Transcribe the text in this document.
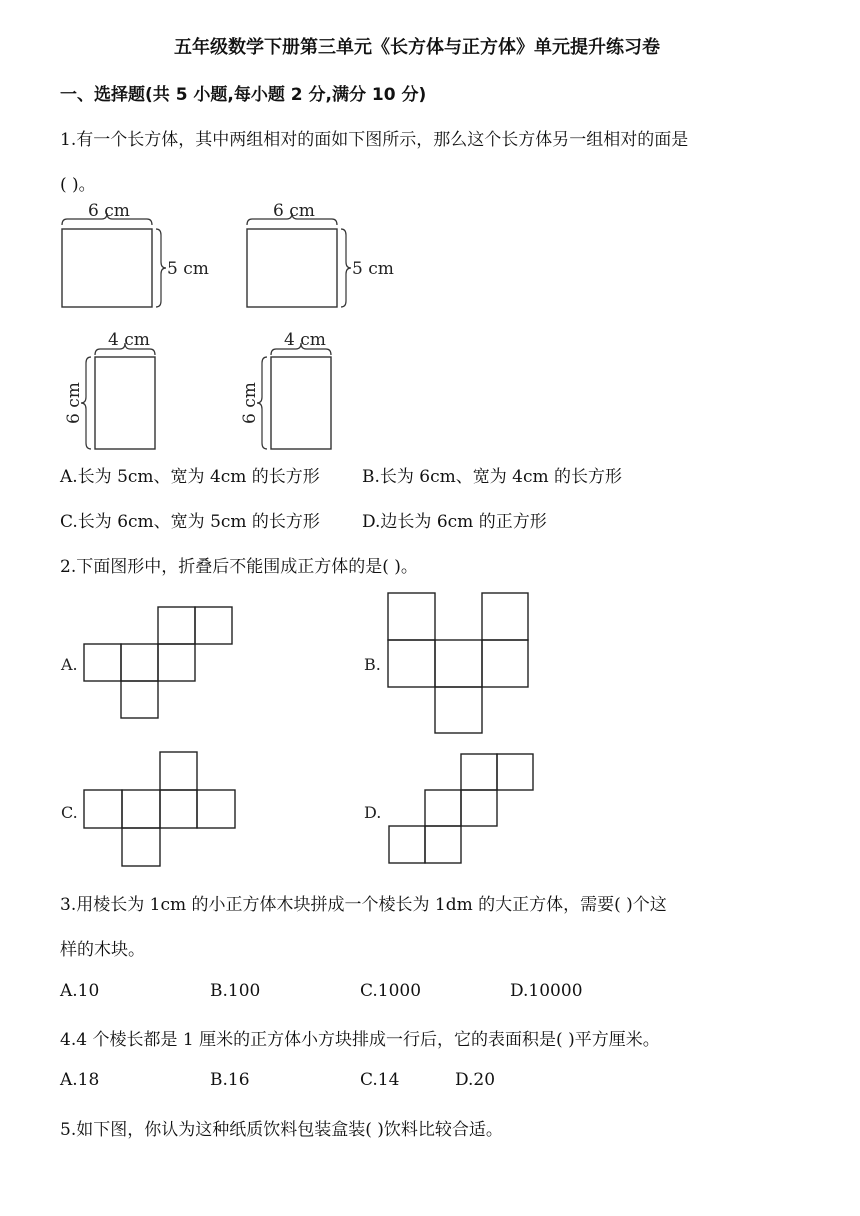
五年级数学下册第三单元《长方体与正方体》单元提升练习卷
一、选择题(共 5 小题,每小题 2 分,满分 10 分)
1.有一个长方体，其中两组相对的面如下图所示，那么这个长方体另一组相对的面是
( )。
6 cm
5 cm
6 cm
5 cm
4 cm
6 cm
4 cm
6 cm
A.长为 5cm、宽为 4cm 的长方形 B.长为 6cm、宽为 4cm 的长方形
C.长为 6cm、宽为 5cm 的长方形 D.边长为 6cm 的正方形
2.下面图形中，折叠后不能围成正方体的是( )。
A.	B.
C.	D.
3.用棱长为 1cm 的小正方体木块拼成一个棱长为 1dm 的大正方体，需要( )个这
样的木块。
A.10	B.100	C.1000	D.10000
4.4 个棱长都是 1 厘米的正方体小方块排成一行后，它的表面积是( )平方厘米。
A.18	B.16	C.14	D.20
5.如下图，你认为这种纸质饮料包装盒装( )饮料比较合适。
